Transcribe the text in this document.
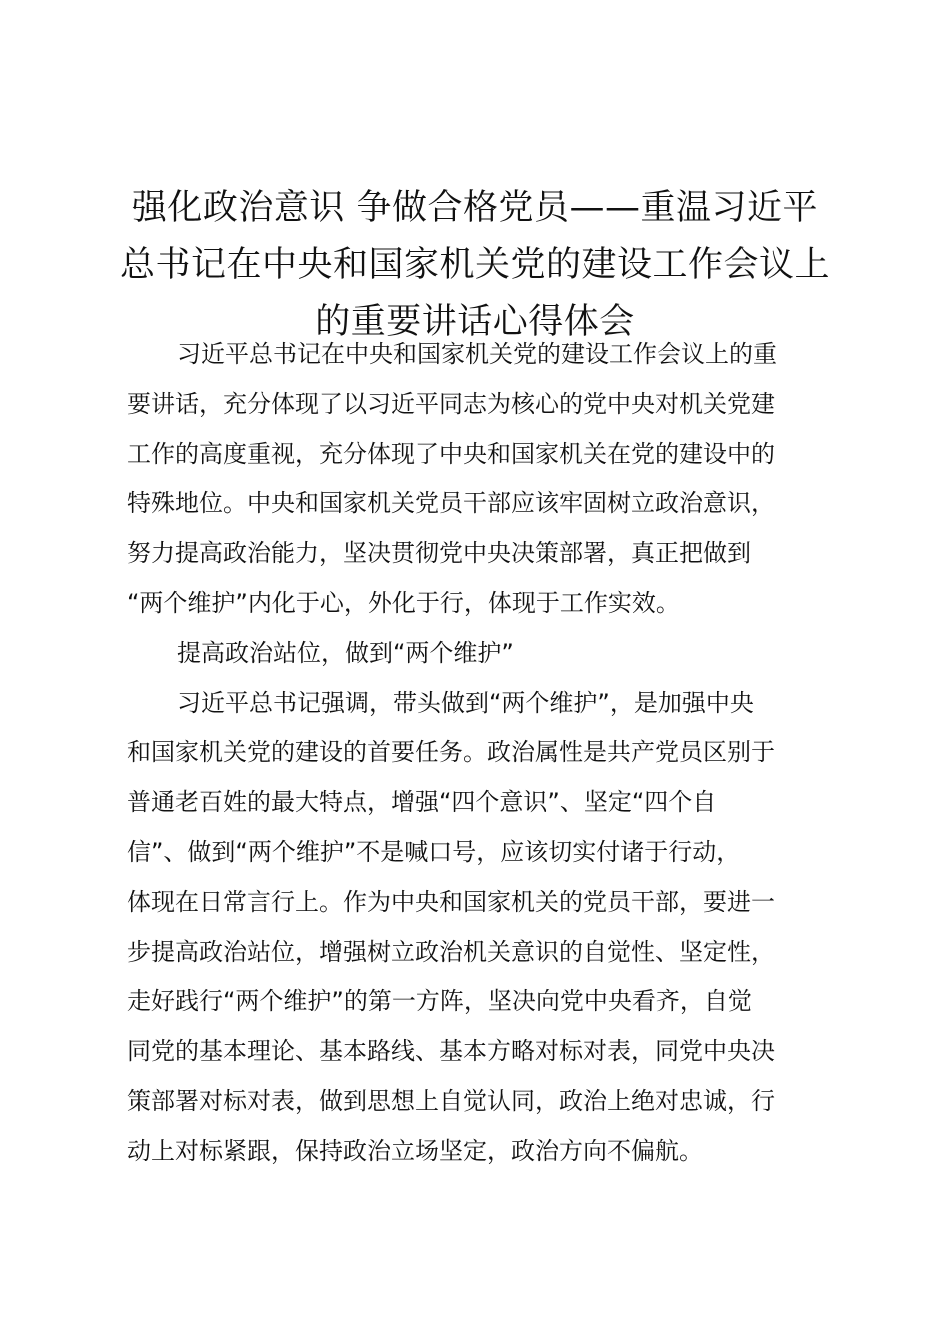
强化政治意识 争做合格党员——重温习近平
总书记在中央和国家机关党的建设工作会议上
的重要讲话心得体会

习近平总书记在中央和国家机关党的建设工作会议上的重
要讲话，充分体现了以习近平同志为核心的党中央对机关党建
工作的高度重视，充分体现了中央和国家机关在党的建设中的
特殊地位。中央和国家机关党员干部应该牢固树立政治意识，
努力提高政治能力，坚决贯彻党中央决策部署，真正把做到
“两个维护”内化于心，外化于行，体现于工作实效。

提高政治站位，做到“两个维护”

习近平总书记强调，带头做到“两个维护”，是加强中央
和国家机关党的建设的首要任务。政治属性是共产党员区别于
普通老百姓的最大特点，增强“四个意识”、坚定“四个自
信”、做到“两个维护”不是喊口号，应该切实付诸于行动，
体现在日常言行上。作为中央和国家机关的党员干部，要进一
步提高政治站位，增强树立政治机关意识的自觉性、坚定性，
走好践行“两个维护”的第一方阵，坚决向党中央看齐，自觉
同党的基本理论、基本路线、基本方略对标对表，同党中央决
策部署对标对表，做到思想上自觉认同，政治上绝对忠诚，行
动上对标紧跟，保持政治立场坚定，政治方向不偏航。
